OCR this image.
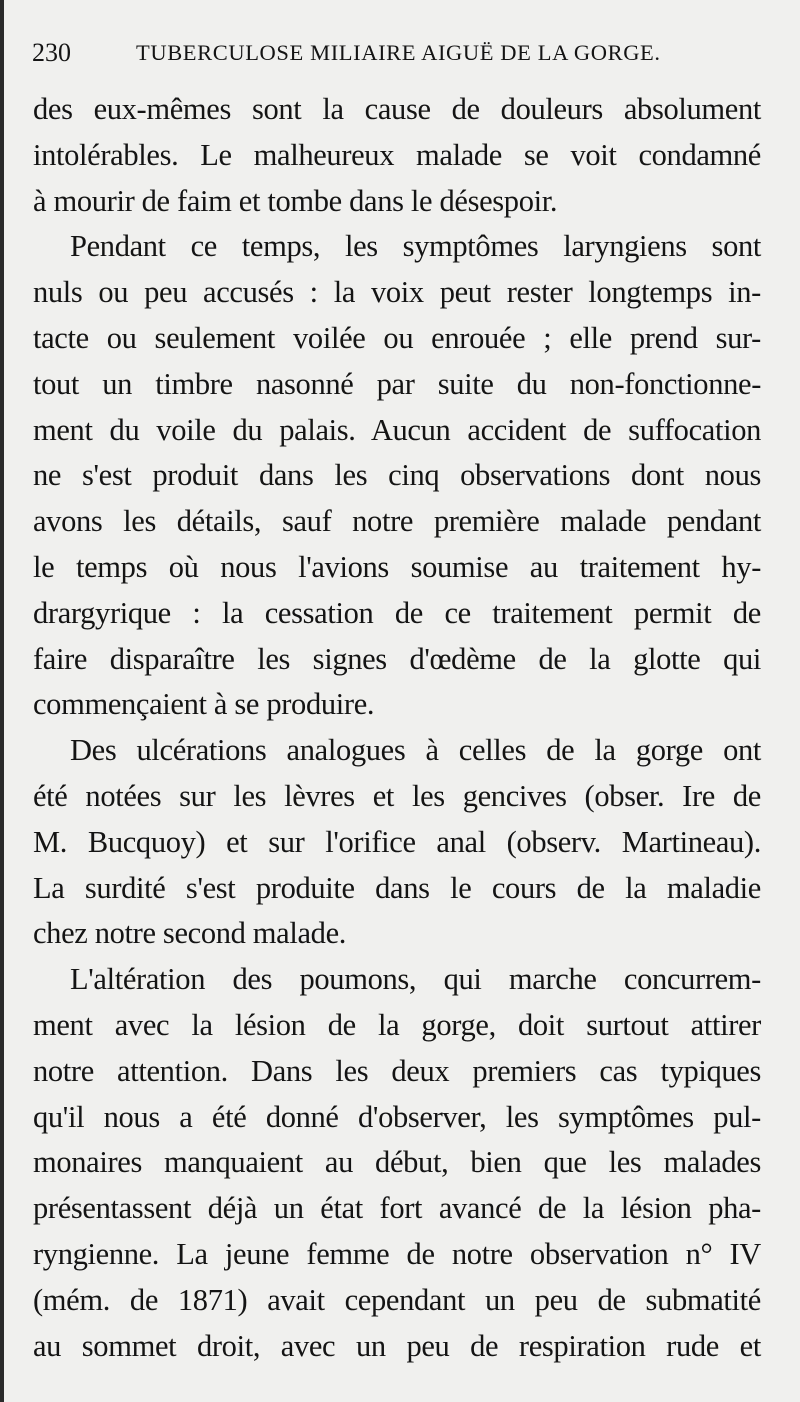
230	TUBERCULOSE MILIAIRE AIGUË DE LA GORGE.
des eux-mêmes sont la cause de douleurs absolument
intolérables. Le malheureux malade se voit condamné
à mourir de faim et tombe dans le désespoir.
Pendant ce temps, les symptômes laryngiens sont
nuls ou peu accusés : la voix peut rester longtemps in-
tacte ou seulement voilée ou enrouée ; elle prend sur-
tout un timbre nasonné par suite du non-fonctionne-
ment du voile du palais. Aucun accident de suffocation
ne s'est produit dans les cinq observations dont nous
avons les détails, sauf notre première malade pendant
le temps où nous l'avions soumise au traitement hy-
drargyrique : la cessation de ce traitement permit de
faire disparaître les signes d'œdème de la glotte qui
commençaient à se produire.
Des ulcérations analogues à celles de la gorge ont
été notées sur les lèvres et les gencives (obser. Ire de
M. Bucquoy) et sur l'orifice anal (observ. Martineau).
La surdité s'est produite dans le cours de la maladie
chez notre second malade.
L'altération des poumons, qui marche concurrem-
ment avec la lésion de la gorge, doit surtout attirer
notre attention. Dans les deux premiers cas typiques
qu'il nous a été donné d'observer, les symptômes pul-
monaires manquaient au début, bien que les malades
présentassent déjà un état fort avancé de la lésion pha-
ryngienne. La jeune femme de notre observation n° IV
(mém. de 1871) avait cependant un peu de submatité
au sommet droit, avec un peu de respiration rude et
